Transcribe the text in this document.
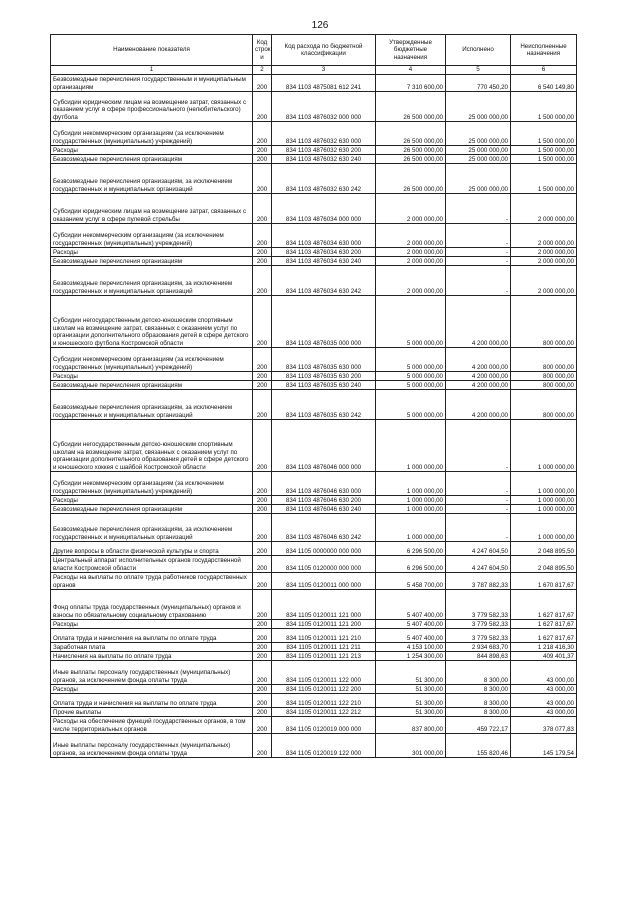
126
Наименование показателя	Код строк и	Код расхода по бюджетной классификации	Утвержденные бюджетные назначения	Исполнено	Неисполненные назначения
1	2	3	4	5	6
Безвозмездные перечисления государственным и муниципальным организациям	200	834 1103 4875081 612 241	7 310 600,00	770 450,20	6 540 149,80
Субсидии юридическим лицам на возмещение затрат, связанных с оказанием услуг в сфере профессионального (нелюбительского) футбола	200	834 1103 4876032 000 000	26 500 000,00	25 000 000,00	1 500 000,00
Субсидии некоммерческим организациям (за исключением государственных (муниципальных) учреждений)	200	834 1103 4876032 630 000	26 500 000,00	25 000 000,00	1 500 000,00
Расходы	200	834 1103 4876032 630 200	26 500 000,00	25 000 000,00	1 500 000,00
Безвозмездные перечисления организациям	200	834 1103 4876032 630 240	26 500 000,00	25 000 000,00	1 500 000,00
Безвозмездные перечисления организациям, за исключением государственных и муниципальных организаций	200	834 1103 4876032 630 242	26 500 000,00	25 000 000,00	1 500 000,00
Субсидии юридическим лицам на возмещение затрат, связанных с оказанием услуг в сфере пулевой стрельбы	200	834 1103 4876034 000 000	2 000 000,00	-	2 000 000,00
Субсидии некоммерческим организациям (за исключением государственных (муниципальных) учреждений)	200	834 1103 4876034 630 000	2 000 000,00	-	2 000 000,00
Расходы	200	834 1103 4876034 630 200	2 000 000,00	-	2 000 000,00
Безвозмездные перечисления организациям	200	834 1103 4876034 630 240	2 000 000,00	-	2 000 000,00
Безвозмездные перечисления организациям, за исключением государственных и муниципальных организаций	200	834 1103 4876034 630 242	2 000 000,00	-	2 000 000,00
Субсидии негосударственным детско-юношеским спортивным школам на возмещение затрат, связанных с оказанием услуг по организации дополнительного образования детей в сфере детского и юношеского футбола Костромской области	200	834 1103 4876035 000 000	5 000 000,00	4 200 000,00	800 000,00
Субсидии некоммерческим организациям (за исключением государственных (муниципальных) учреждений)	200	834 1103 4876035 630 000	5 000 000,00	4 200 000,00	800 000,00
Расходы	200	834 1103 4876035 630 200	5 000 000,00	4 200 000,00	800 000,00
Безвозмездные перечисления организациям	200	834 1103 4876035 630 240	5 000 000,00	4 200 000,00	800 000,00
Безвозмездные перечисления организациям, за исключением государственных и муниципальных организаций	200	834 1103 4876035 630 242	5 000 000,00	4 200 000,00	800 000,00
Субсидии негосударственным детско-юношеским спортивным школам на возмещение затрат, связанных с оказанием услуг по организации дополнительного образования детей в сфере детского и юношеского хоккея с шайбой Костромской области	200	834 1103 4876046 000 000	1 000 000,00	-	1 000 000,00
Субсидии некоммерческим организациям (за исключением государственных (муниципальных) учреждений)	200	834 1103 4876046 630 000	1 000 000,00	-	1 000 000,00
Расходы	200	834 1103 4876046 630 200	1 000 000,00	-	1 000 000,00
Безвозмездные перечисления организациям	200	834 1103 4876046 630 240	1 000 000,00	-	1 000 000,00
Безвозмездные перечисления организациям, за исключением государственных и муниципальных организаций	200	834 1103 4876046 630 242	1 000 000,00	-	1 000 000,00
Другие вопросы в области физической культуры и спорта	200	834 1105 0000000 000 000	6 296 500,00	4 247 604,50	2 048 895,50
Центральный аппарат исполнительных органов государственной власти Костромской области	200	834 1105 0120000 000 000	6 296 500,00	4 247 604,50	2 048 895,50
Расходы на выплаты по оплате труда работников государственных органов	200	834 1105 0120011 000 000	5 458 700,00	3 787 882,33	1 670 817,67
Фонд оплаты труда государственных (муниципальных) органов и взносы по обязательному социальному страхованию	200	834 1105 0120011 121 000	5 407 400,00	3 779 582,33	1 627 817,67
Расходы	200	834 1105 0120011 121 200	5 407 400,00	3 779 582,33	1 627 817,67
Оплата труда и начисления на выплаты по оплате труда	200	834 1105 0120011 121 210	5 407 400,00	3 779 582,33	1 627 817,67
Заработная плата	200	834 1105 0120011 121 211	4 153 100,00	2 934 683,70	1 218 416,30
Начисления на выплаты по оплате труда	200	834 1105 0120011 121 213	1 254 300,00	844 898,63	409 401,37
Иные выплаты персоналу государственных (муниципальных) органов, за исключением фонда оплаты труда	200	834 1105 0120011 122 000	51 300,00	8 300,00	43 000,00
Расходы	200	834 1105 0120011 122 200	51 300,00	8 300,00	43 000,00
Оплата труда и начисления на выплаты по оплате труда	200	834 1105 0120011 122 210	51 300,00	8 300,00	43 000,00
Прочие выплаты	200	834 1105 0120011 122 212	51 300,00	8 300,00	43 000,00
Расходы на обеспечение функций государственных органов, в том числе территориальных органов	200	834 1105 0120019 000 000	837 800,00	459 722,17	378 077,83
Иные выплаты персоналу государственных (муниципальных) органов, за исключением фонда оплаты труда	200	834 1105 0120019 122 000	301 000,00	155 820,46	145 179,54
